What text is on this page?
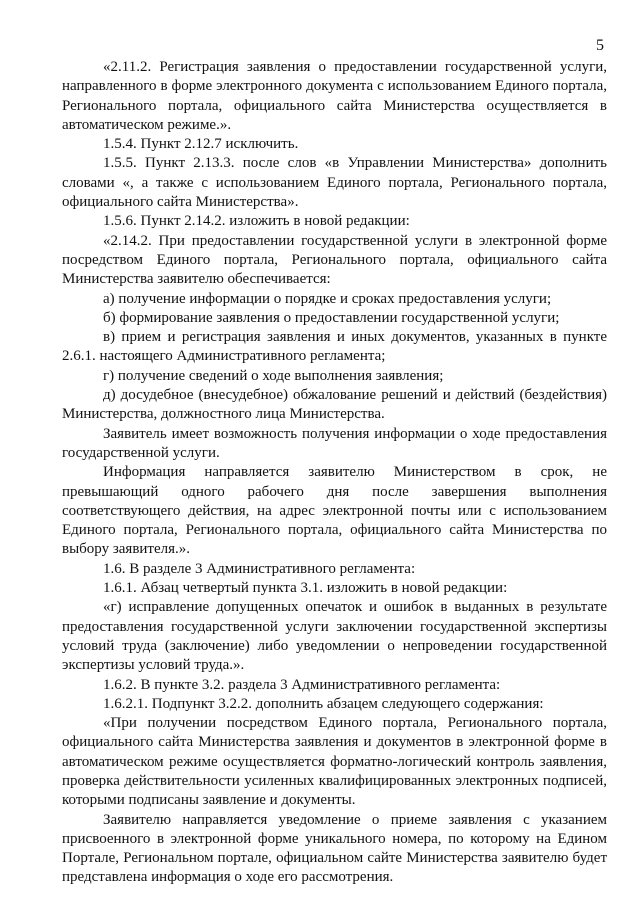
5

«2.11.2. Регистрация заявления о предоставлении государственной услуги, направленного в форме электронного документа с использованием Единого портала, Регионального портала, официального сайта Министерства осуществляется в автоматическом режиме.».

1.5.4. Пункт 2.12.7 исключить.

1.5.5. Пункт 2.13.3. после слов «в Управлении Министерства» дополнить словами «, а также с использованием Единого портала, Регионального портала, официального сайта Министерства».

1.5.6. Пункт 2.14.2. изложить в новой редакции:

«2.14.2. При предоставлении государственной услуги в электронной форме посредством Единого портала, Регионального портала, официального сайта Министерства заявителю обеспечивается:

а) получение информации о порядке и сроках предоставления услуги;

б) формирование заявления о предоставлении государственной услуги;

в) прием и регистрация заявления и иных документов, указанных в пункте 2.6.1. настоящего Административного регламента;

г) получение сведений о ходе выполнения заявления;

д) досудебное (внесудебное) обжалование решений и действий (бездействия) Министерства, должностного лица Министерства.

Заявитель имеет возможность получения информации о ходе предоставления государственной услуги.

Информация направляется заявителю Министерством в срок, не превышающий одного рабочего дня после завершения выполнения соответствующего действия, на адрес электронной почты или с использованием Единого портала, Регионального портала, официального сайта Министерства по выбору заявителя.».

1.6. В разделе 3 Административного регламента:

1.6.1. Абзац четвертый пункта 3.1. изложить в новой редакции:

«г) исправление допущенных опечаток и ошибок в выданных в результате предоставления государственной услуги заключении государственной экспертизы условий труда (заключение) либо уведомлении о непроведении государственной экспертизы условий труда.».

1.6.2. В пункте 3.2. раздела 3 Административного регламента:

1.6.2.1. Подпункт 3.2.2. дополнить абзацем следующего содержания:

«При получении посредством Единого портала, Регионального портала, официального сайта Министерства заявления и документов в электронной форме в автоматическом режиме осуществляется форматно-логический контроль заявления, проверка действительности усиленных квалифицированных электронных подписей, которыми подписаны заявление и документы.

Заявителю направляется уведомление о приеме заявления с указанием присвоенного в электронной форме уникального номера, по которому на Едином Портале, Региональном портале, официальном сайте Министерства заявителю будет представлена информация о ходе его рассмотрения.
